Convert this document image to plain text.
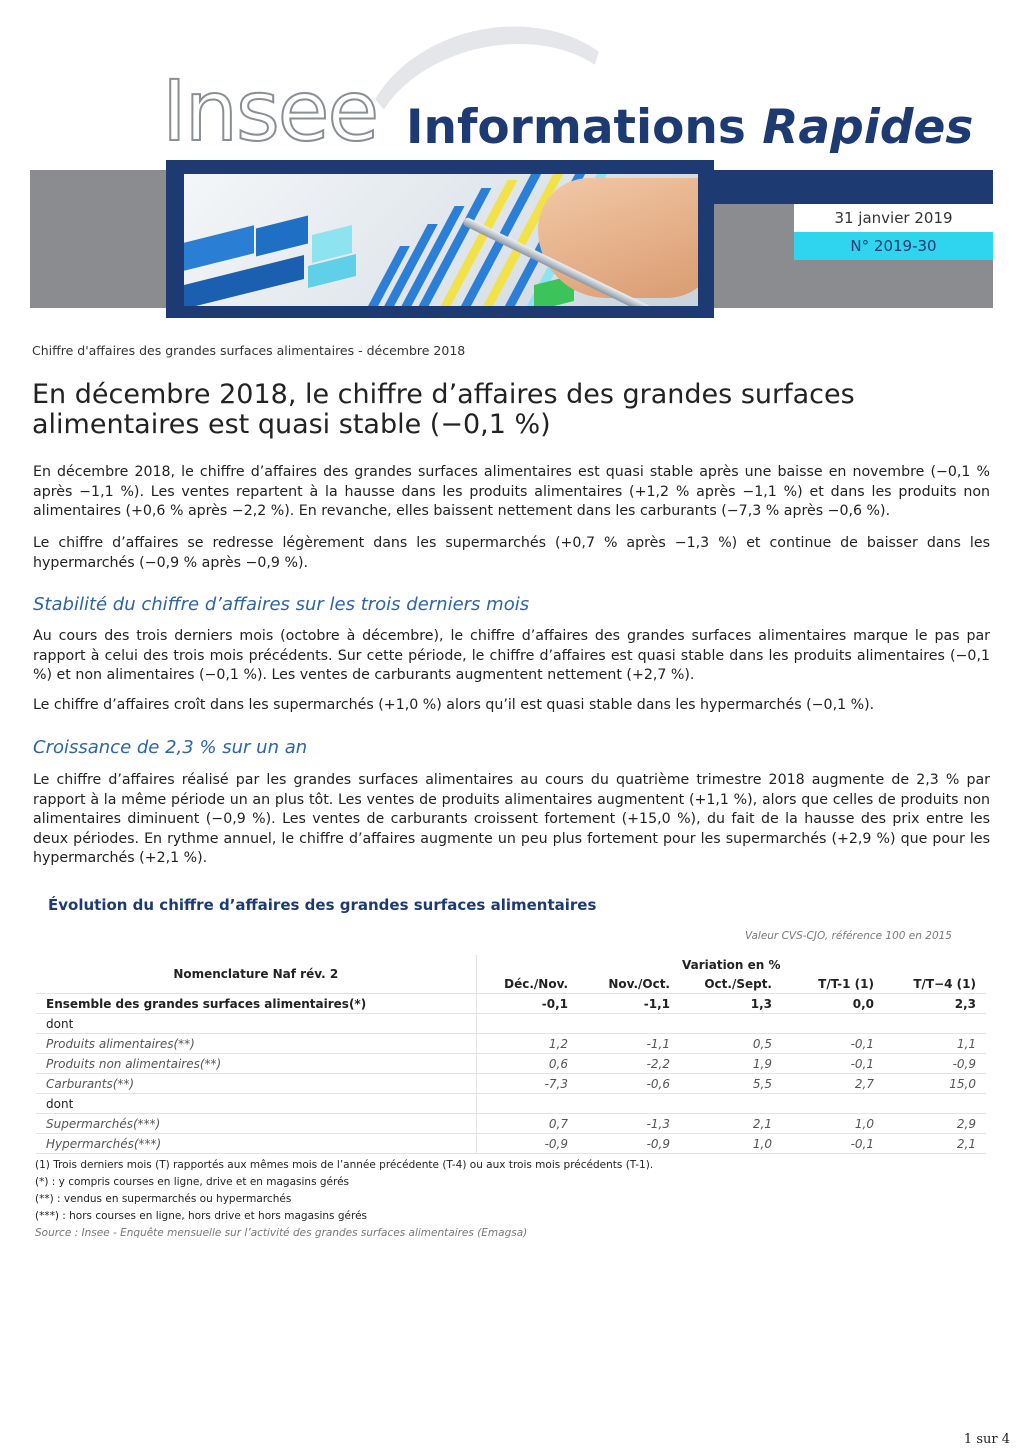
Insee Informations Rapides
31 janvier 2019
N° 2019-30
Chiffre d'affaires des grandes surfaces alimentaires - décembre 2018
En décembre 2018, le chiffre d’affaires des grandes surfaces alimentaires est quasi stable (−0,1 %)

En décembre 2018, le chiffre d’affaires des grandes surfaces alimentaires est quasi stable après une baisse en novembre (−0,1 % après −1,1 %). Les ventes repartent à la hausse dans les produits alimentaires (+1,2 % après −1,1 %) et dans les produits non alimentaires (+0,6 % après −2,2 %). En revanche, elles baissent nettement dans les carburants (−7,3 % après −0,6 %).

Le chiffre d’affaires se redresse légèrement dans les supermarchés (+0,7 % après −1,3 %) et continue de baisser dans les hypermarchés (−0,9 % après −0,9 %).

Stabilité du chiffre d’affaires sur les trois derniers mois

Au cours des trois derniers mois (octobre à décembre), le chiffre d’affaires des grandes surfaces alimentaires marque le pas par rapport à celui des trois mois précédents. Sur cette période, le chiffre d’affaires est quasi stable dans les produits alimentaires (−0,1 %) et non alimentaires (−0,1 %). Les ventes de carburants augmentent nettement (+2,7 %).

Le chiffre d’affaires croît dans les supermarchés (+1,0 %) alors qu’il est quasi stable dans les hypermarchés (−0,1 %).

Croissance de 2,3 % sur un an

Le chiffre d’affaires réalisé par les grandes surfaces alimentaires au cours du quatrième trimestre 2018 augmente de 2,3 % par rapport à la même période un an plus tôt. Les ventes de produits alimentaires augmentent (+1,1 %), alors que celles de produits non alimentaires diminuent (−0,9 %). Les ventes de carburants croissent fortement (+15,0 %), du fait de la hausse des prix entre les deux périodes. En rythme annuel, le chiffre d’affaires augmente un peu plus fortement pour les supermarchés (+2,9 %) que pour les hypermarchés (+2,1 %).

Évolution du chiffre d’affaires des grandes surfaces alimentaires
Valeur CVS-CJO, référence 100 en 2015
Nomenclature Naf rév. 2	Variation en %				
	Déc./Nov.	Nov./Oct.	Oct./Sept.	T/T-1 (1)	T/T−4 (1)
Ensemble des grandes surfaces alimentaires(*)	-0,1	-1,1	1,3	0,0	2,3
dont					
Produits alimentaires(**)	1,2	-1,1	0,5	-0,1	1,1
Produits non alimentaires(**)	0,6	-2,2	1,9	-0,1	-0,9
Carburants(**)	-7,3	-0,6	5,5	2,7	15,0
dont					
Supermarchés(***)	0,7	-1,3	2,1	1,0	2,9
Hypermarchés(***)	-0,9	-0,9	1,0	-0,1	2,1
(1) Trois derniers mois (T) rapportés aux mêmes mois de l’année précédente (T-4) ou aux trois mois précédents (T-1).
(*) : y compris courses en ligne, drive et en magasins gérés
(**) : vendus en supermarchés ou hypermarchés
(***) : hors courses en ligne, hors drive et hors magasins gérés
Source : Insee - Enquête mensuelle sur l’activité des grandes surfaces alimentaires (Emagsa)
1 sur 4
